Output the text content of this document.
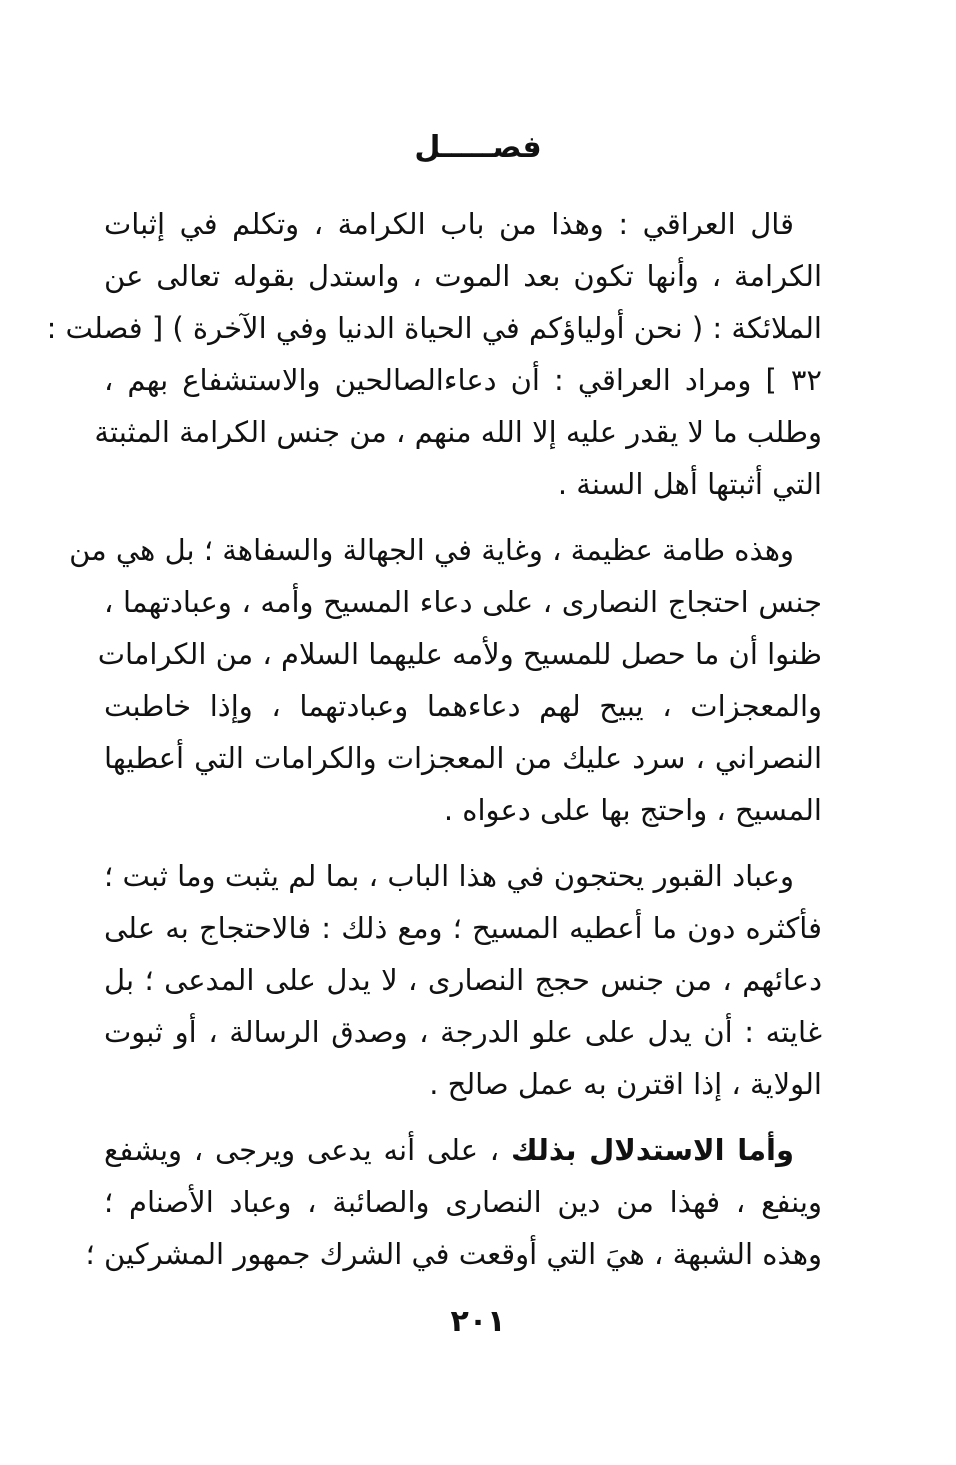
فصـــــل

قال العراقي : وهذا من باب الكرامة ، وتكلم في إثبات
الكرامة ، وأنها تكون بعد الموت ، واستدل بقوله تعالى عن
الملائكة : ( نحن أولياؤكم في الحياة الدنيا وفي الآخرة ) [ فصلت :
٣٢ ] ومراد العراقي : أن دعاءالصالحين والاستشفاع بهم ،
وطلب ما لا يقدر عليه إلا الله منهم ، من جنس الكرامة المثبتة
التي أثبتها أهل السنة .

وهذه طامة عظيمة ، وغاية في الجهالة والسفاهة ؛ بل هي من
جنس احتجاج النصارى ، على دعاء المسيح وأمه ، وعبادتهما ،
ظنوا أن ما حصل للمسيح ولأمه عليهما السلام ، من الكرامات
والمعجزات ، يبيح لهم دعاءهما وعبادتهما ، وإذا خاطبت
النصراني ، سرد عليك من المعجزات والكرامات التي أعطيها
المسيح ، واحتج بها على دعواه .

وعباد القبور يحتجون في هذا الباب ، بما لم يثبت وما ثبت ؛
فأكثره دون ما أعطيه المسيح ؛ ومع ذلك : فالاحتجاج به على
دعائهم ، من جنس حجج النصارى ، لا يدل على المدعى ؛ بل
غايته : أن يدل على علو الدرجة ، وصدق الرسالة ، أو ثبوت
الولاية ، إذا اقترن به عمل صالح .

وأما الاستدلال بذلك ، على أنه يدعى ويرجى ، ويشفع
وينفع ، فهذا من دين النصارى والصائبة ، وعباد الأصنام ؛
وهذه الشبهة ، هيَ التي أوقعت في الشرك جمهور المشركين ؛

٢٠١
